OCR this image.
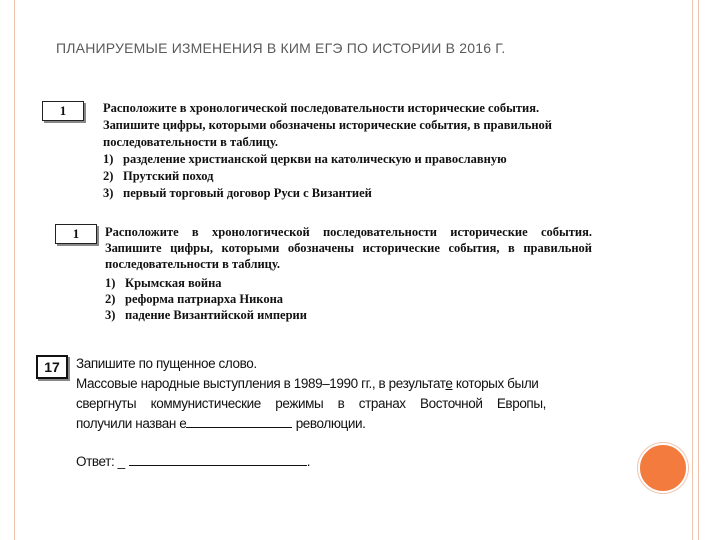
ПЛАНИРУЕМЫЕ ИЗМЕНЕНИЯ В КИМ ЕГЭ ПО ИСТОРИИ В 2016 Г.
1	Расположите в хронологической последовательности исторические события.

Запишите цифры, которыми обозначены исторические события, в правильной

последовательности в таблицу.

1) разделение христианской церкви на католическую и православную
2) Прутский поход
3) первый торговый договор Руси с Византией
1	Расположите в хронологической последовательности исторические события.

Запишите цифры, которыми обозначены исторические события, в правильной

последовательности в таблицу.

1) Крымская война
2) реформа патриарха Никона
3) падение Византийской империи
17	Запишите по пущенное слово.

Массовые народные выступления в 1989–1990 гг., в результате которых были

свергнуты коммунистические режимы в странах Восточной Европы,

получили назван е	революции.

Ответ: _	.
